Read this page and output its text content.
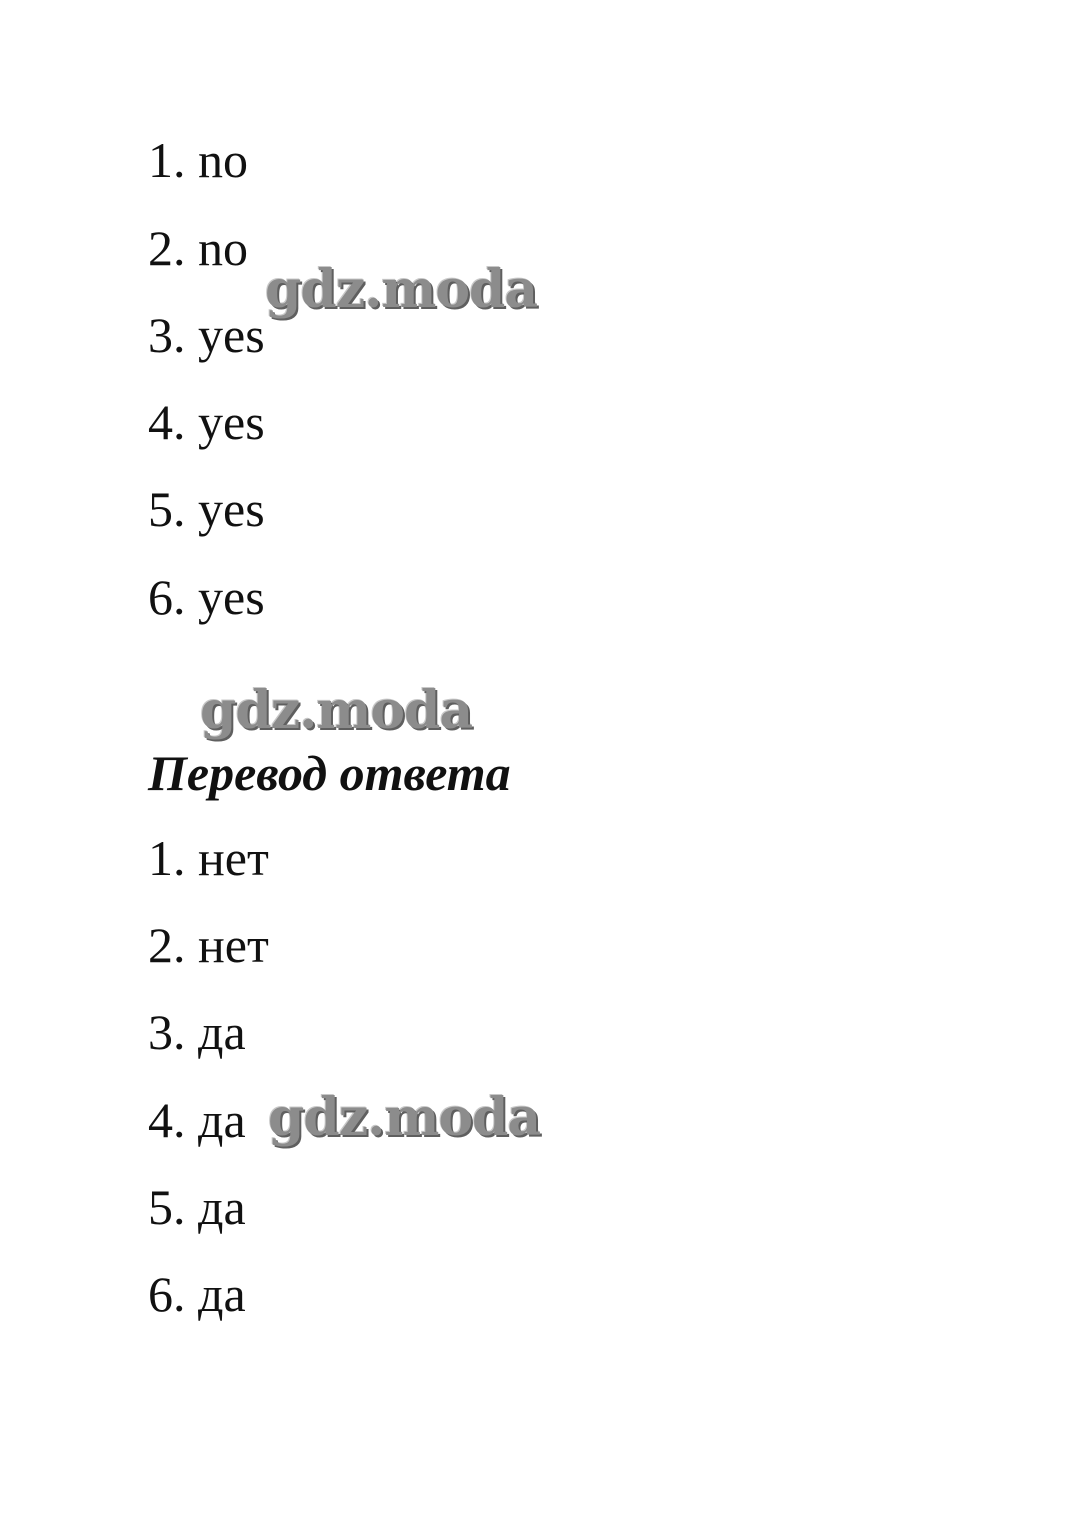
1. no
2. no
3. yes
4. yes
5. yes
6. yes
Перевод ответа
1. нет
2. нет
3. да
4. да
5. да
6. да
gdz.moda
gdz.moda
gdz.moda
